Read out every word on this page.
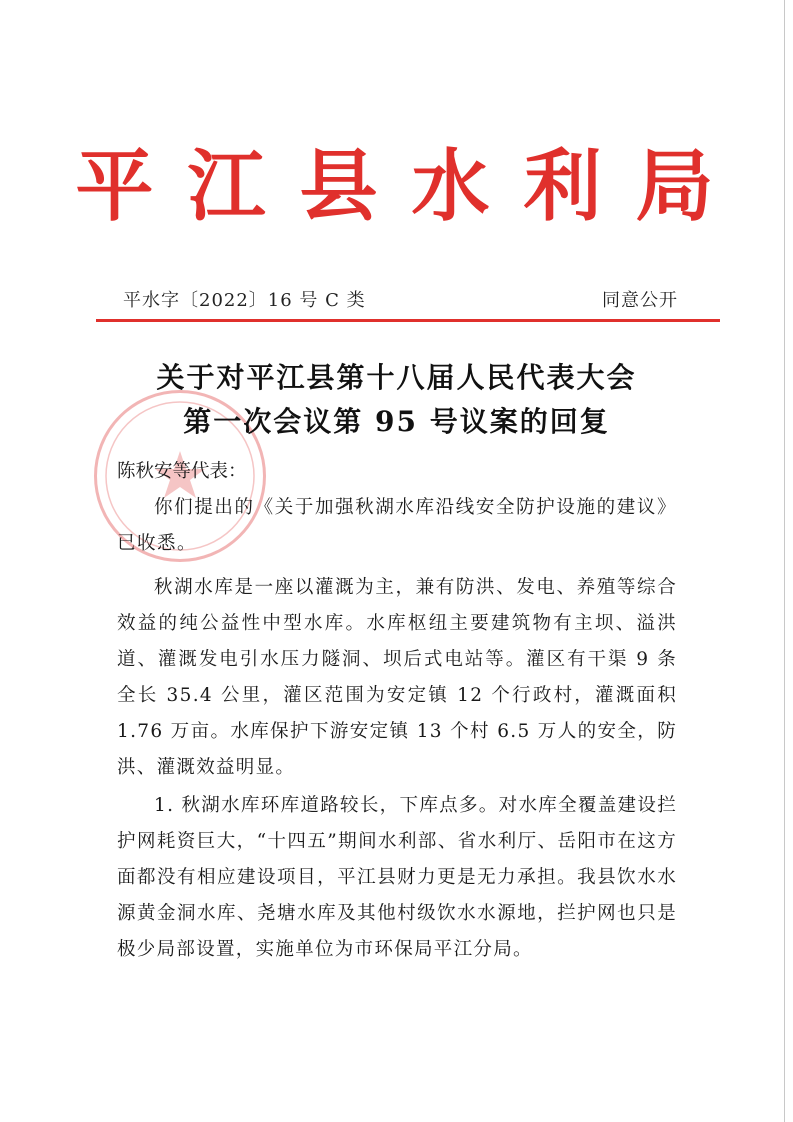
平江县水利局
平水字〔2022〕16 号 C 类	同意公开
关于对平江县第十八届人民代表大会
第一次会议第 95 号议案的回复

陈秋安等代表：

你们提出的《关于加强秋湖水库沿线安全防护设施的建议》已收悉。

秋湖水库是一座以灌溉为主，兼有防洪、发电、养殖等综合效益的纯公益性中型水库。水库枢纽主要建筑物有主坝、溢洪道、灌溉发电引水压力隧洞、坝后式电站等。灌区有干渠 9 条全长 35.4 公里，灌区范围为安定镇 12 个行政村，灌溉面积 1.76 万亩。水库保护下游安定镇 13 个村 6.5 万人的安全，防洪、灌溉效益明显。

1. 秋湖水库环库道路较长，下库点多。对水库全覆盖建设拦护网耗资巨大，“十四五”期间水利部、省水利厅、岳阳市在这方面都没有相应建设项目，平江县财力更是无力承担。我县饮水水源黄金洞水库、尧塘水库及其他村级饮水水源地，拦护网也只是极少局部设置，实施单位为市环保局平江分局。
